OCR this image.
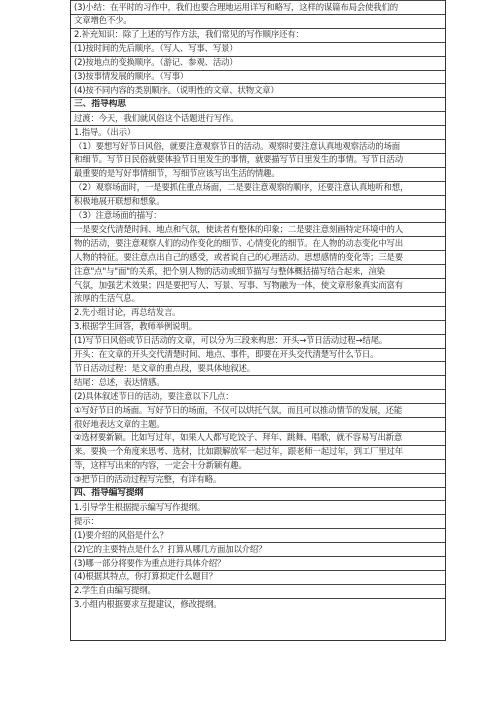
(3)小结：在平时的习作中，我们也要合理地运用详写和略写，这样的谋篇布局会使我们的
文章增色不少。
2.补充知识：除了上述的写作方法，我们常见的写作顺序还有：
(1)按时间的先后顺序。（写人、写事、写景）
(2)按地点的变换顺序。（游记、参观、活动）
(3)按事情发展的顺序。（写事）
(4)按不同内容的类别顺序。（说明性的文章、状物文章）
三、指导构思
过渡：今天，我们就风俗这个话题进行写作。
1.指导。（出示）
（1）要想写好节日风俗，就要注意观察节日的活动。观察时要注意认真地观察活动的场面
和细节。写节日民俗就要体验节日里发生的事情，就要描写节日里发生的事情。写节日活动
最重要的是写好事情细节，写细节应该写出生活的情趣。
（2）观察场面时，一是要抓住重点场面，二是要注意观察的顺序，还要注意认真地听和想，
积极地展开联想和想象。
（3）注意场面的描写：
一是要交代清楚时间、地点和气氛，使读者有整体的印象；二是要注意刻画特定环境中的人
物的活动，要注意观察人们的动作变化的细节、心情变化的细节。在人物的动态变化中写出
人物的特征。要注意点出自己的感受，或者说自己的心理活动、思想感情的变化等；三是要
注意"点"与"面"的关系，把个别人物的活动或细节描写与整体概括描写结合起来，渲染
气氛，加强艺术效果；四是要把写人、写景、写事、写物融为一体，使文章形象真实而富有
浓厚的生活气息。
2.先小组讨论，再总结发言。
3.根据学生回答，教师举例说明。
(1)写节日风俗或节日活动的文章，可以分为三段来构思：开头→节日活动过程→结尾。
开头：在文章的开头交代清楚时间、地点、事件，即要在开头交代清楚写什么节日。
节日活动过程：是文章的重点段，要具体地叙述。
结尾：总述，表达情感。
(2)具体叙述节日的活动，要注意以下几点：
①写好节日的场面。写好节日的场面，不仅可以烘托气氛，而且可以推动情节的发展，还能
很好地表达文章的主题。
②选材要新颖。比如写过年，如果人人都写吃饺子、拜年、跳舞、唱歌，就不容易写出新意
来。要换一个角度来思考、选材，比如跟解放军一起过年，跟老师一起过年，到工厂里过年
等，这样写出来的内容，一定会十分新颖有趣。
③把节日的活动过程写完整，有详有略。
四、指导编写提纲
1.引导学生根据提示编写写作提纲。
提示：
(1)要介绍的风俗是什么？
(2)它的主要特点是什么？打算从哪几方面加以介绍？
(3)哪一部分将要作为重点进行具体介绍？
(4)根据其特点，你打算拟定什么题目？
2.学生自由编写提纲。
3.小组内根据要求互提建议，修改提纲。
